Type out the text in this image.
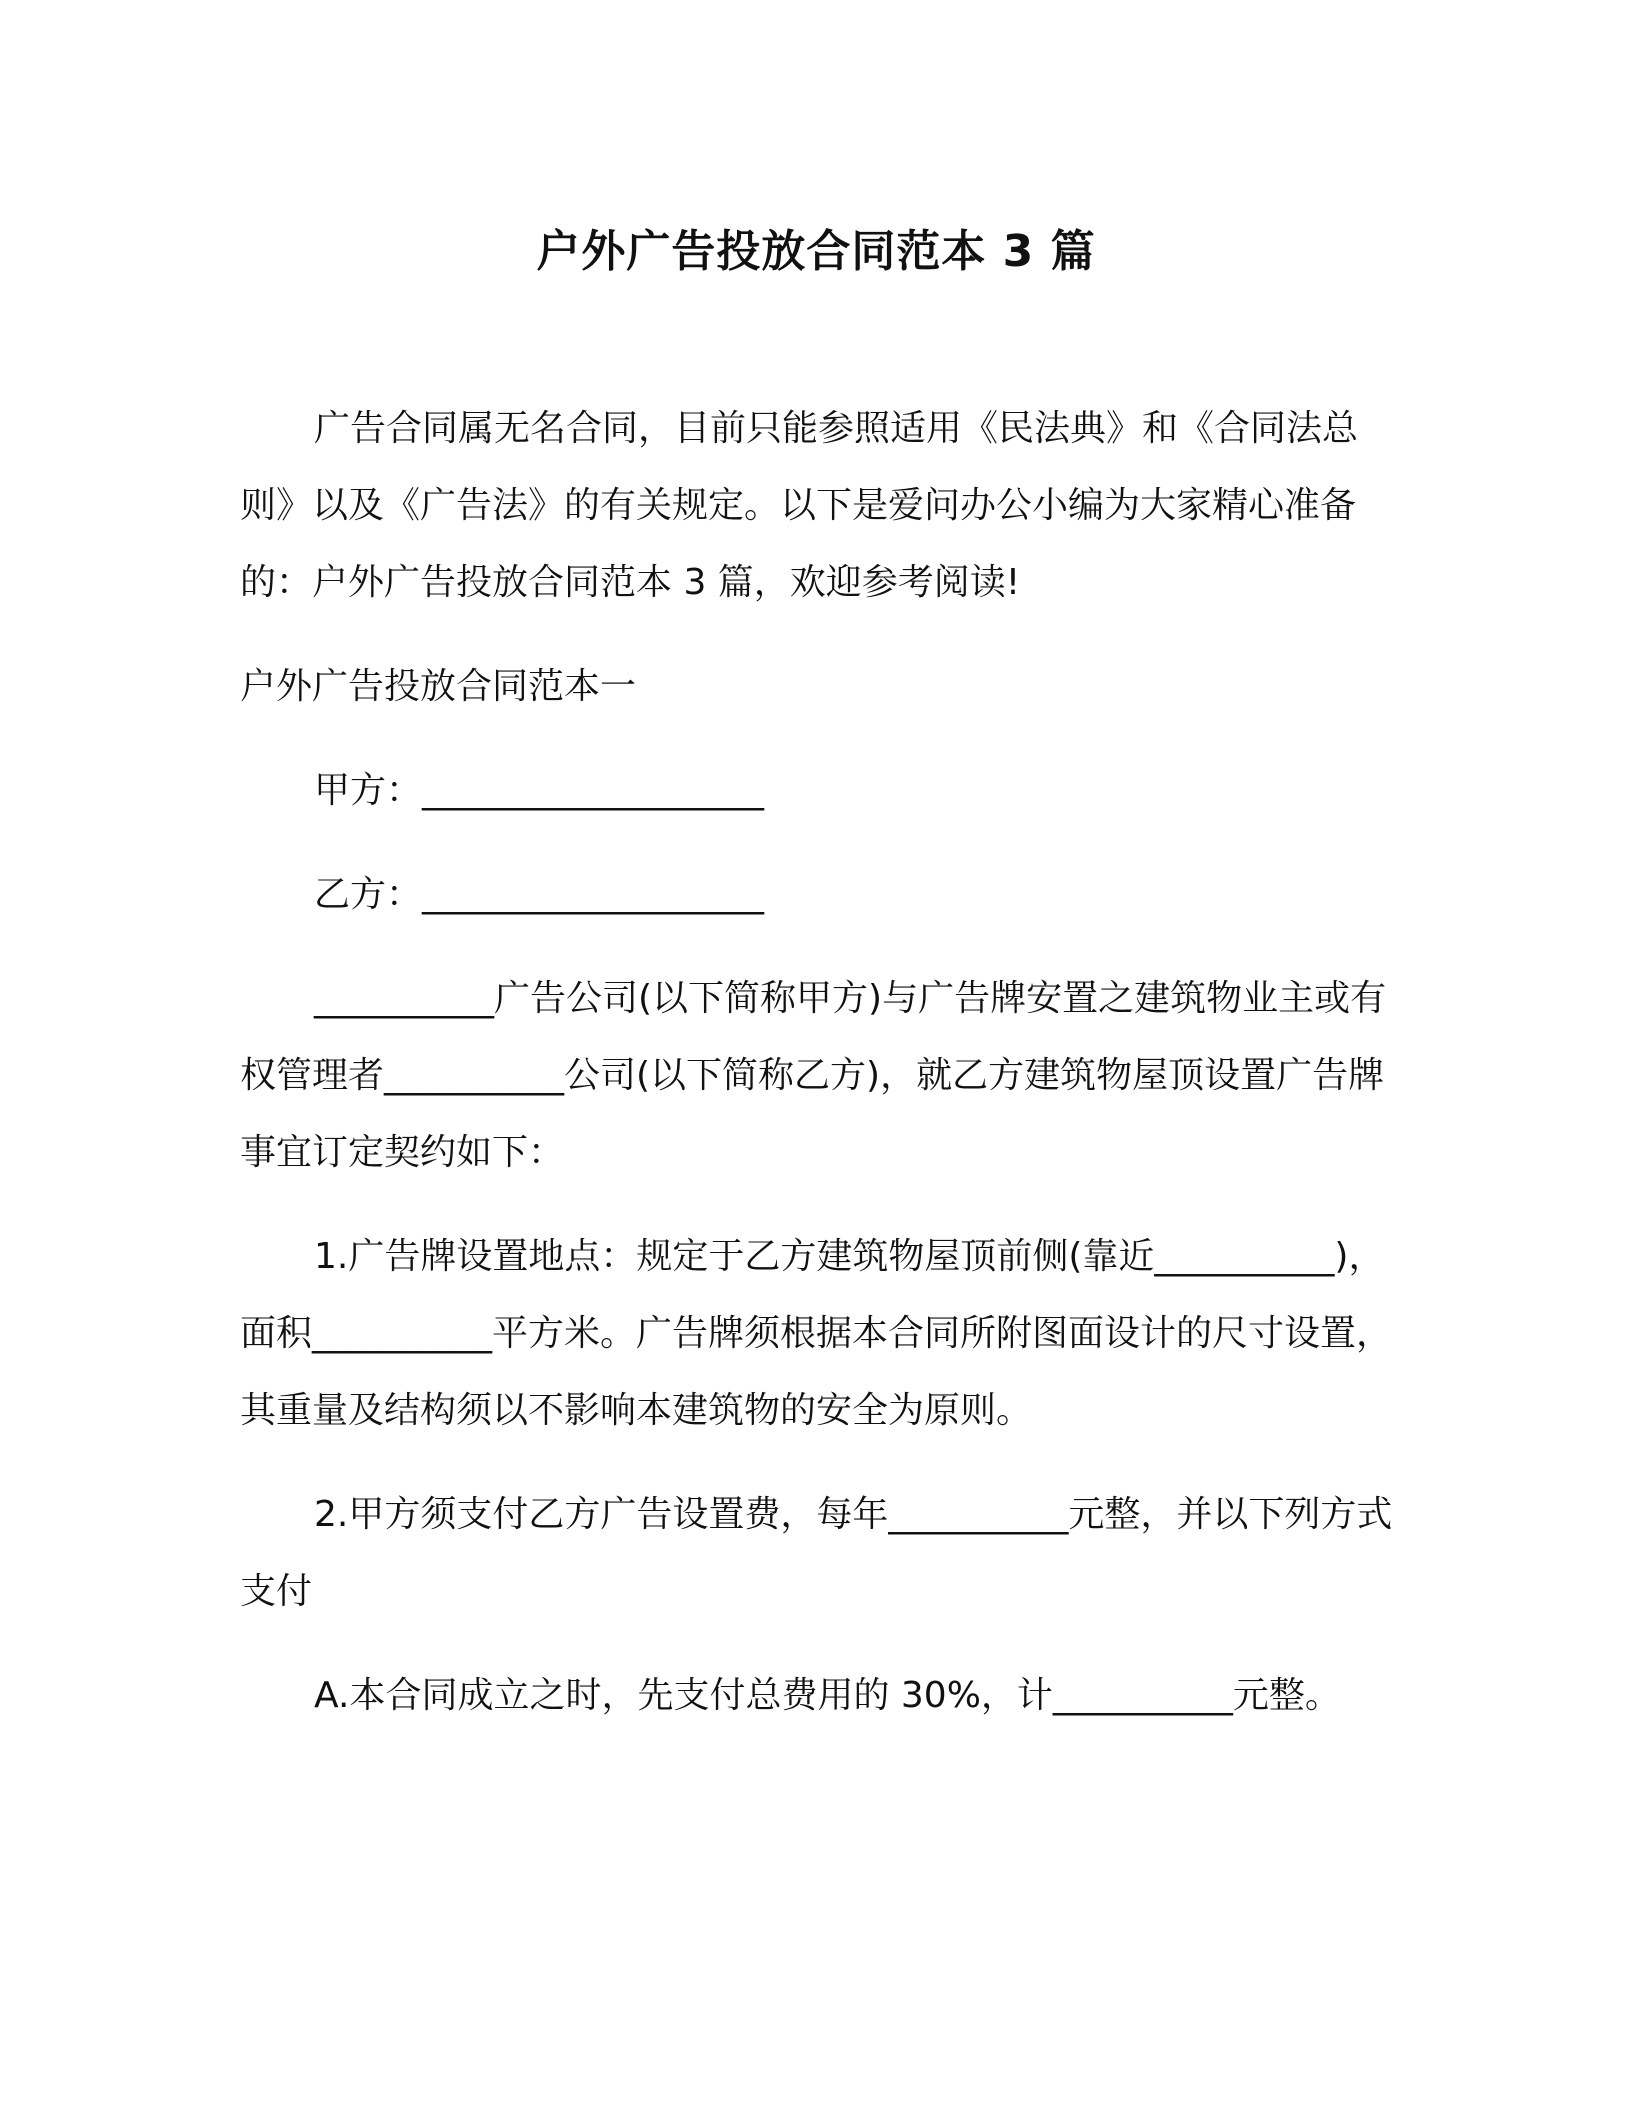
户外广告投放合同范本 3 篇

广告合同属无名合同，目前只能参照适用《民法典》和《合同法总则》以及《广告法》的有关规定。以下是爱问办公小编为大家精心准备的：户外广告投放合同范本 3 篇，欢迎参考阅读!

户外广告投放合同范本一

甲方：___________________

乙方：___________________

__________广告公司(以下简称甲方)与广告牌安置之建筑物业主或有权管理者__________公司(以下简称乙方)，就乙方建筑物屋顶设置广告牌事宜订定契约如下：

1.广告牌设置地点：规定于乙方建筑物屋顶前侧(靠近__________)，面积__________平方米。广告牌须根据本合同所附图面设计的尺寸设置，其重量及结构须以不影响本建筑物的安全为原则。

2.甲方须支付乙方广告设置费，每年__________元整，并以下列方式支付

A.本合同成立之时，先支付总费用的 30%，计__________元整。
